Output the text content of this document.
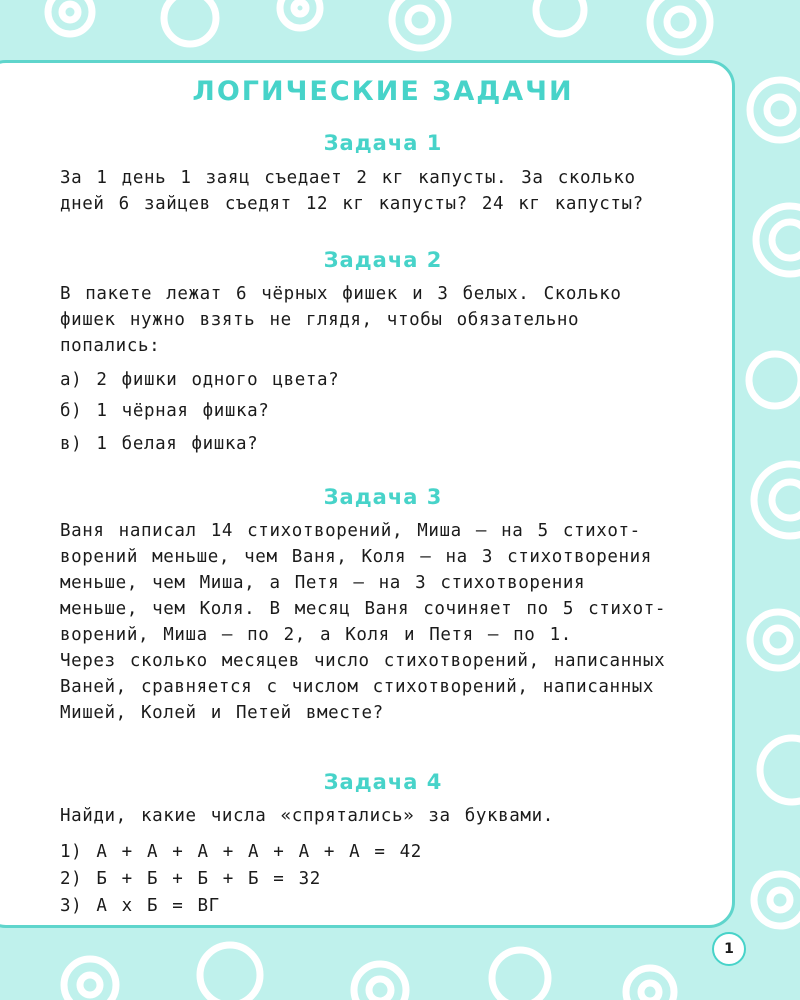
ЛОГИЧЕСКИЕ ЗАДАЧИ
Задача 1

За 1 день 1 заяц съедает 2 кг капусты. За сколько

дней 6 зайцев съедят 12 кг капусты? 24 кг капусты?

Задача 2

В пакете лежат 6 чёрных фишек и 3 белых. Сколько

фишек нужно взять не глядя, чтобы обязательно

попались:

а) 2 фишки одного цвета?

б) 1 чёрная фишка?

в) 1 белая фишка?

Задача 3

Ваня написал 14 стихотворений, Миша — на 5 стихот-

ворений меньше, чем Ваня, Коля — на 3 стихотворения

меньше, чем Миша, а Петя — на 3 стихотворения

меньше, чем Коля. В месяц Ваня сочиняет по 5 стихот-

ворений, Миша — по 2, а Коля и Петя — по 1.

Через сколько месяцев число стихотворений, написанных

Ваней, сравняется с числом стихотворений, написанных

Мишей, Колей и Петей вместе?

Задача 4

Найди, какие числа «спрятались» за буквами.

1) А + А + А + А + А + А = 42

2) Б + Б + Б + Б = 32

3) А х Б = ВГ

1
